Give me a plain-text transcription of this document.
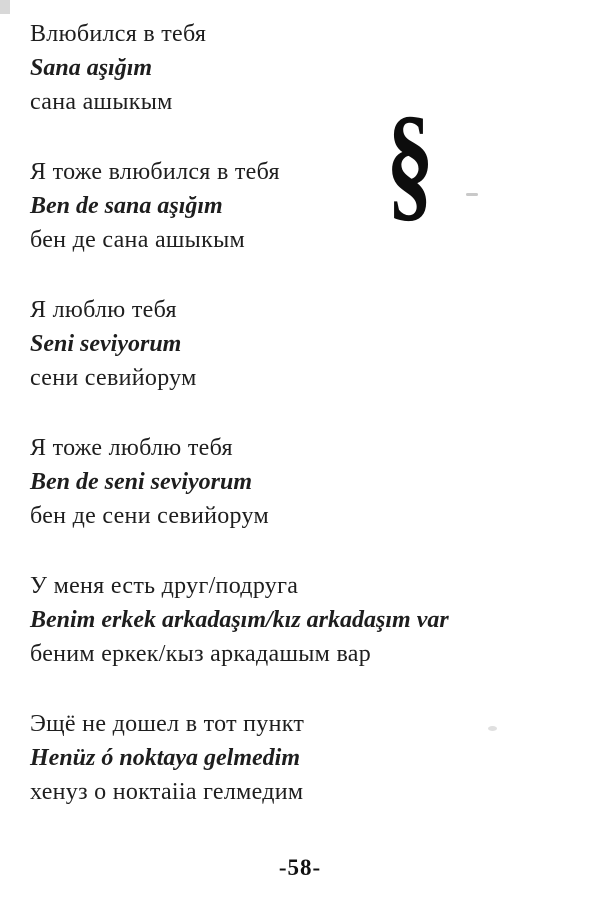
§
Влюбился в тебя
Sana aşığım
сана ашыкым
Я тоже влюбился в тебя
Ben de sana aşığım
бен де сана ашыкым
Я люблю тебя
Seni seviyorum
сени севийорум
Я тоже люблю тебя
Ben de seni seviyorum
бен де сени севийорум
У меня есть друг/подруга
Benim erkek arkadaşım/kız arkadaşım var
беним еркек/кыз аркадашым вар
Эщё не дошел в тот пункт
Henüz ó noktaya gelmedim
хенуз о ноктаііа гелмедим
-58-
